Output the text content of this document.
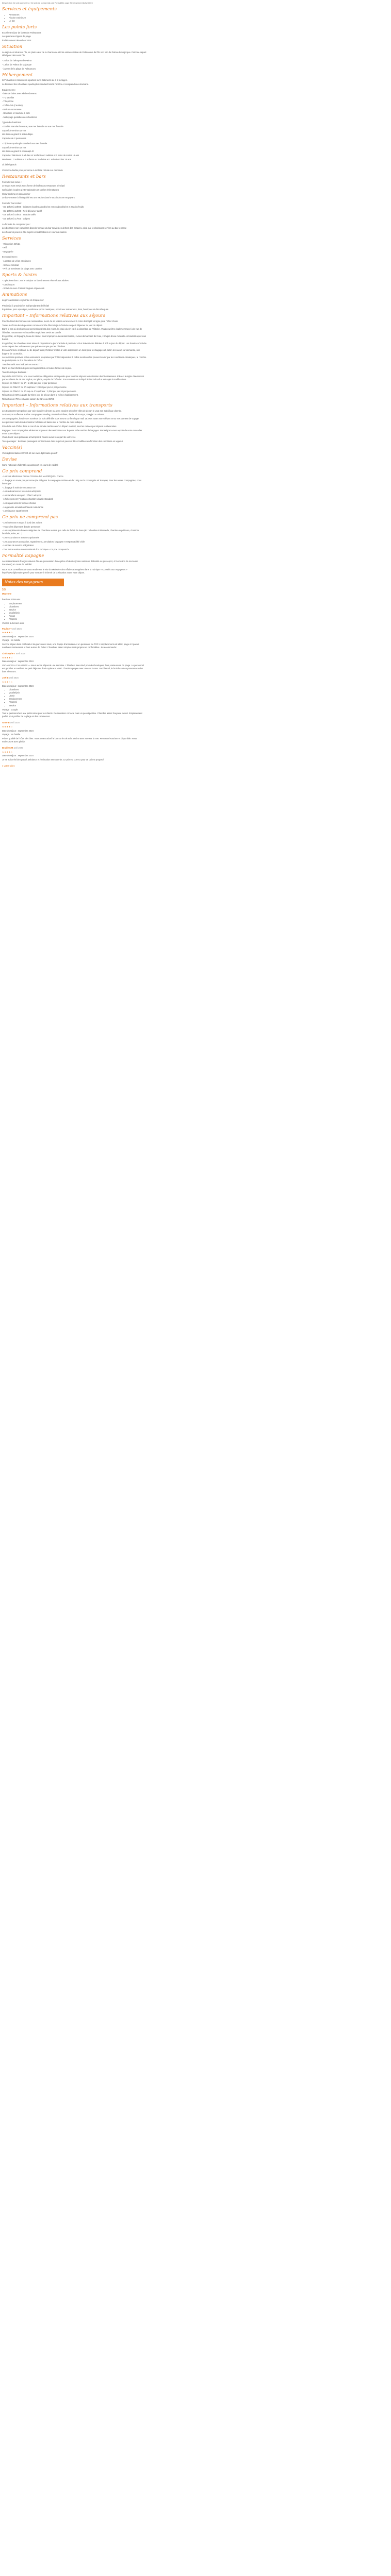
Description Ce prix comprend / Ce prix ne comprend pas Formalités Loge Hébergement Avis Client

Services et équipements
• Restaurant
• Piscine extérieure
• Le bar
Les points forts

Excellent séjour de la station Palmanova

Les premières lignes de plage

Établissement rénové en 2014

Situation

Le séjour est situé sur l'île, en plein cœur de la charmante et très animée station de Palmanova de l'île non loin de Palma de Majorque. Point de départ idéal pour découvrir l'île.

- 20 km de l'aéroport de Palma

- 13 km de Palma de Majorque

- à 20 m de la plage de Palmanova

Hébergement

327 chambres climatisées réparties sur 3 bâtiments de 3 à 5 étages.

Le bâtiment des chambres quadruples standard total à l'arrière et comprend une douzaine.

Equipements :

- bain de bains avec sèche-cheveux

- TV satellite

- Téléphone

- Coffre-fort (Caution)

- Balcon ou terrasse

- Bouilloire et machine à café

- Nettoyage quotidien des chambres

Types de chambres :

- Double Standard vue rue, vue mer latérale ou vue mer frontale

Superficie environ 20 m2

Lits twin ou grand lit selon dispo.

Capacité de 2 personnes

- Triple ou quadruple standard vue mer frontale

Superficie environ 25 m2

Lits twin ou grand lit et canapé-lit

Capacité : Minimum 2 adultes et 1enfant ou 2 adultes et 2 ados de moins 15 ans

Maximum : 2 adultes et 2 enfants ou 3 adultes et 1 ado de moins 15 ans

Lit bébé gratuit

Chambre double pour personne à mobilité réduite sur demande

Restaurants et bars

Formule tout inclus :

Le repas sont servis sous forme de buffets au restaurant principal

Spécialités locales & internationales et soirées thématiques

Show cooking et pizza corner

Le bar-terrasse à l'intégralité est une excise dans le tout inclus et est payant.

Formule Tout inclus :

- De 10h30 à 23h00 : boissons locales alcoolisées et non alcoolisées et snacks froids

- De 10h00 à 12h00 : Petit déjeuner tardif

- De 15h30 à 18h00 : Snacks salés

- De 15h30 à 17h00 : Crêpes

La formule de comprend pas :

Les boissons non comprises dans la formule du bar servies en dehors des horaires, ainsi que les boissons servies au bar-terrasse

Les horaires peuvent être sujets à modifications en cours de saison

Services

- Réception 24h/24

- Wifi

- Bagagerie

En supplément :

- Location de vélos et voitures

- Service médical

- Prêt de serviettes de plage avec caution

Sports & loisirs

- 2 piscines dont 1 sur le toit (sur ou bassinement réservé aux adultes

- Cardiosport

- Solarium avec chaises longues et parasols

Animations

Légère animation en journée et chaque soir

Piscine(s) à proximité et indépendantes de l'hôtel

Équitation, parc aquatique, nombreux sports nautiques, nombreux restaurants, bars, boutiques et discothèques.

Important – Informations relatives aux séjours

Pour le détail des formules de restauration, merci de se référer au lancement à notre descriptif en ligne pour l'hôtel choisi.

Toutes les formules de pension commencent le dîner du jour d'arrivée au petit déjeuner du jour du départ.

Dans le cas où les boissons sont incluses lors des repas, le choix du vin est à la discrétion de l'hôtelier. Vous peut être également servi à la vue de l'hôtelier, notamment en bouteilles ou pichets servis en carafe.

En général, en Espagne, l'eau de robinet étant impropre à la consommation, il vous demandant de l'eau, il s'agira d'eau minérale en bouteille que vous boirez.

En général, les chambres sont mises à disposition le jour d'arrivée à partir de 14h et doivent être libérées à 10h le jour du départ. Les horaires d'arrivée ou de départ des vols ne sont pas pris en compte par les hôteliers.

En cas d'arrivée matinale ou de départ tardif, l'hôtelier mettra à votre disposition un local pour les bagages et, selon les cas et sur demande, une bagerie de courtoisie.

Les activités sportives et les animations proposées par l'hôtel dépendent à celles mentionnées peuvent varier par les conditions climatiques, le nombre de participants ou à la discrétion de l'hôtel.

Tous les tarifs sont indiqués en euros TTC.

Dans les fourchettes de prix sont applicables en toutes formes de séjour.

Taux touristique Baléares :

Depuis le 01/07/2016, une taxe touristique obligatoire est imposée pour tous les séjours à destination des îles Baléares. Elle est à régler directement par les clients de 16 ans et plus, sur place, auprès de l'hôtelier. Son montant est indiqué à titre indicatif et est sujet à modifications.

Séjours en hôtel 1* ou 2* : 1,10€ par jour et par personne

Séjours en hôtel 3* ou 3* supérieur : 2,20€ par jour et par personne

Séjours en hôtel 4* ou 4* sup ou 4* supérieur : 3,30€ par jour et par personne

Réduction de 50% à partir du 9ème jour de séjour dans le même établissement.

Réduction de 75% en basse saison du 01/11 au 30/04.

Important – Informations relatives aux transports

Les transports sont prévus par voie régulière directe ou avec escales selon les villes de départ le vaut son spécifique donnée.

Le transport s'effectue sur les compagnies Vueling, Brussels Airlines, Iberia, Air Europa, Easyjet ou Volotea.

Les compagnies, horaires et numéros de vols définitifs vous seront confirmés par mail 15 jours avant votre départ et sur vos carnets de voyage.

Les prix sont calculés de manière forfaitaire et basés sur le nombre de nuits indiqué.

Prix de la nuit d'hôtel dans le cas d'une arrivée tardive ou d'un départ matinal, tous les nuitées par séjours remboursées.

Bagages : Les compagnies aériennes imposent des restrictions sur le poids et le nombre de bagages. Renseignez-vous auprès de votre conseiller avant votre départ.

Vous devez vous présenter à l'aéroport 2 heures avant le départ de votre vol.

Taxe passager : les taxes passagers sont incluses dans le prix et peuvent être modifiées en fonction des conditions en vigueur.

Vaccin(s)

Voir réglementation COVID-19 sur www.diplomatie.gouv.fr

Devise

Carte nationale d'identité ou passeport en cours de validité

Ce prix comprend

- Les vols aller/retour France / PALMA DE MAJORQUE / France

- 1 bagage en soute par personne (de 20kg sur la compagnie Volotea et de 15kg sur la compagnie Air Europa). Pour les autres compagnies, nous interroger

- 1 bagage à main de 40x30x20 cm

- Les redevances et taxes des aéroports

- Les transferts aéroport / hôtel / aéroport

- L'hébergement 7 nuits en chambre double standard

- Les repas selon la formule choisie

- La garantie annulation Planete Assurance

- L'assistance rapatriement

Ce prix ne comprend pas

- Les boissons et repas à bord des avions

- Toutes les dépenses d'ordre personnel

- Les suppléments de nos catégories de chambres autres que celle du forfait de base (Ex : chambre individuelle, chambre supérieure, chambre familiale, suite, etc...)

- Les excursions et services optionnels

- Les assurances annulation, rapatriement, annulation, bagages et responsabilité civile

- Les frais de service obligatoires

- Tout autre service non mentionné à la rubrique « Ce prix comprend »

Formalité Espagne

Les ressortissants français doivent être en possession d'une pièce d'identité (carte nationale d'identité ou passeport, à l'exclusion de tout autre document) en cours de validité.

Nous vous conseillons de vous rendre sur le site du Ministère des Affaires Étrangères dans la rubrique « Conseils aux Voyageurs » http://www.diplomatie.gouv.fr pour vous tenir informé de la situation avant votre départ.

Notes des voyageurs

3.5

Moyenne

basé sur 2259 Avis

• Emplacement
• Chambres
• Service
• Qualité/prix
• Repas
• Propreté

Voir les 5 derniers avis

Pauline T avril 2025

★★★★☆

Date du séjour : septembre 2024

Voyage : en famille

Second séjour dans cet hôtel et toujours aussi ravis, une équipe d'animation et un personnel au TOP. L'emplacement est idéal, plage à 2 pas et nombreux restaurants et bars autour de l'hôtel. Chambres assez simples mais propres et confortables. Je recommande !

Christophe T avril 2025

★★★★☆

Date du séjour : septembre 2024

VACANCES A CALA D'OR — Nous avons séjourné une semaine. L'hôtel est bien situé près des boutiques, bars, restaurants de plage. Le personnel est gentil et accueillant. Le petit déjeuner était copieux et varié. Chambre propre avec vue sur la mer. Seul bémol, le bruit le soir en provenance des bars alentours.

Joël B avril 2025

★★★☆☆

Date du séjour : septembre 2024

• Chambres
• Qualité/prix
• Literie
• Emplacement
• Propreté
• Service

Voyage : Couple

Tout le personnel est aux petits soins pour les clients. Restauration correcte mais un peu répétitive. Chambre assez bruyante la nuit. Emplacement parfait pour profiter de la plage et des commerces.

Anne B avril 2025

★★★★☆

Date du séjour : septembre 2024

Voyage : en famille

Prix et qualité de l'hôtel très bien. Nous avons adoré le bar sur le toit et la piscine avec vue sur la mer. Personnel souriant et disponible. Nous reviendrons avec plaisir.

Bradlem M avril 2025

★★★★☆

Date du séjour : septembre 2024

Je ne suis très bien passé ambiance et l'animation est superbe. Le prix est correct pour ce qui est proposé.

4 votes utiles
